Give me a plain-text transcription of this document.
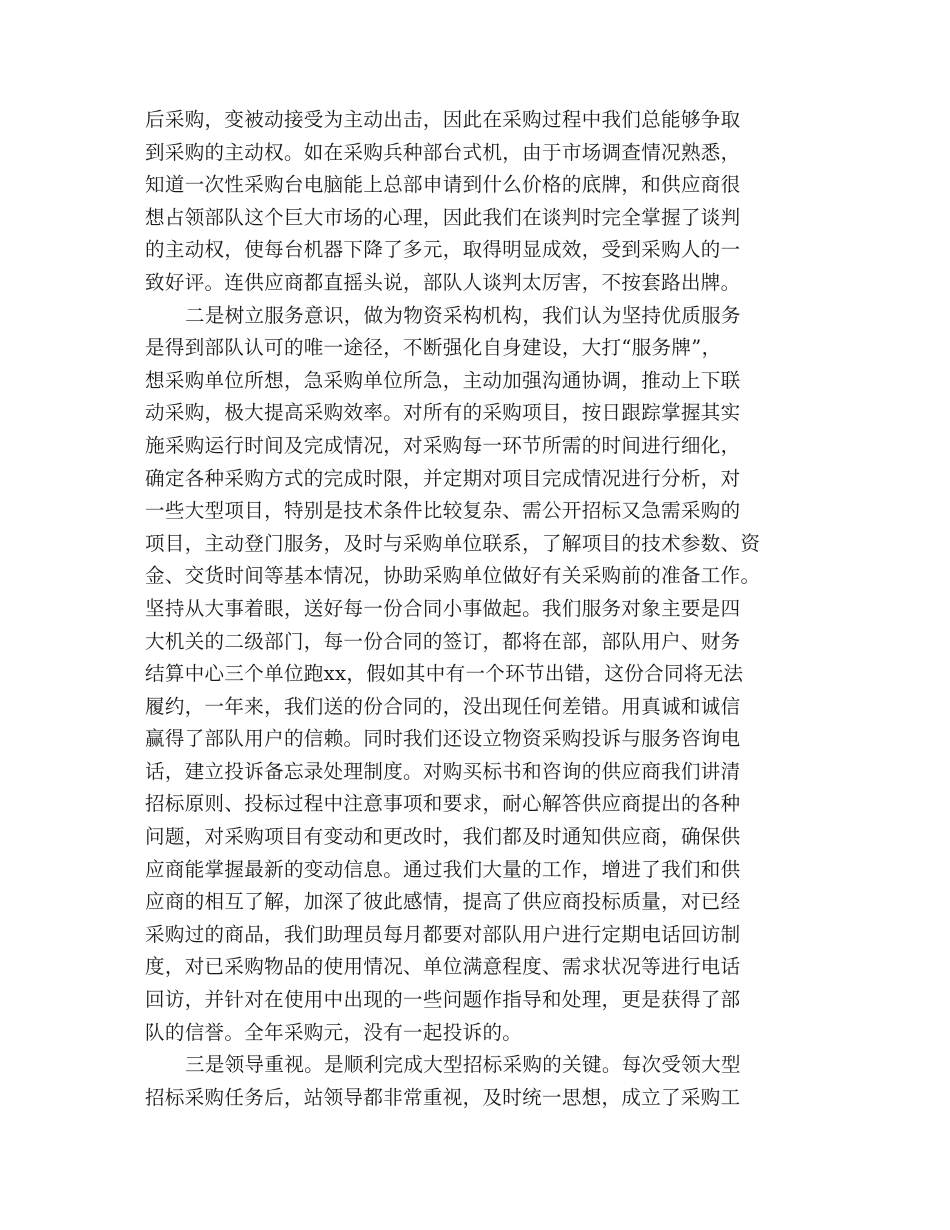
后采购，变被动接受为主动出击，因此在采购过程中我们总能够争取
到采购的主动权。如在采购兵种部台式机，由于市场调查情况熟悉，
知道一次性采购台电脑能上总部申请到什么价格的底牌，和供应商很
想占领部队这个巨大市场的心理，因此我们在谈判时完全掌握了谈判
的主动权，使每台机器下降了多元，取得明显成效，受到采购人的一
致好评。连供应商都直摇头说，部队人谈判太厉害，不按套路出牌。
二是树立服务意识，做为物资采构机构，我们认为坚持优质服务
是得到部队认可的唯一途径，不断强化自身建设，大打“服务牌”，
想采购单位所想，急采购单位所急，主动加强沟通协调，推动上下联
动采购，极大提高采购效率。对所有的采购项目，按日跟踪掌握其实
施采购运行时间及完成情况，对采购每一环节所需的时间进行细化，
确定各种采购方式的完成时限，并定期对项目完成情况进行分析，对
一些大型项目，特别是技术条件比较复杂、需公开招标又急需采购的
项目，主动登门服务，及时与采购单位联系，了解项目的技术参数、资
金、交货时间等基本情况，协助采购单位做好有关采购前的准备工作。
坚持从大事着眼，送好每一份合同小事做起。我们服务对象主要是四
大机关的二级部门，每一份合同的签订，都将在部，部队用户、财务
结算中心三个单位跑xx，假如其中有一个环节出错，这份合同将无法
履约，一年来，我们送的份合同的，没出现任何差错。用真诚和诚信
赢得了部队用户的信赖。同时我们还设立物资采购投诉与服务咨询电
话，建立投诉备忘录处理制度。对购买标书和咨询的供应商我们讲清
招标原则、投标过程中注意事项和要求，耐心解答供应商提出的各种
问题，对采购项目有变动和更改时，我们都及时通知供应商，确保供
应商能掌握最新的变动信息。通过我们大量的工作，增进了我们和供
应商的相互了解，加深了彼此感情，提高了供应商投标质量，对已经
采购过的商品，我们助理员每月都要对部队用户进行定期电话回访制
度，对已采购物品的使用情况、单位满意程度、需求状况等进行电话
回访，并针对在使用中出现的一些问题作指导和处理，更是获得了部
队的信誉。全年采购元，没有一起投诉的。
三是领导重视。是顺利完成大型招标采购的关键。每次受领大型
招标采购任务后，站领导都非常重视，及时统一思想，成立了采购工
